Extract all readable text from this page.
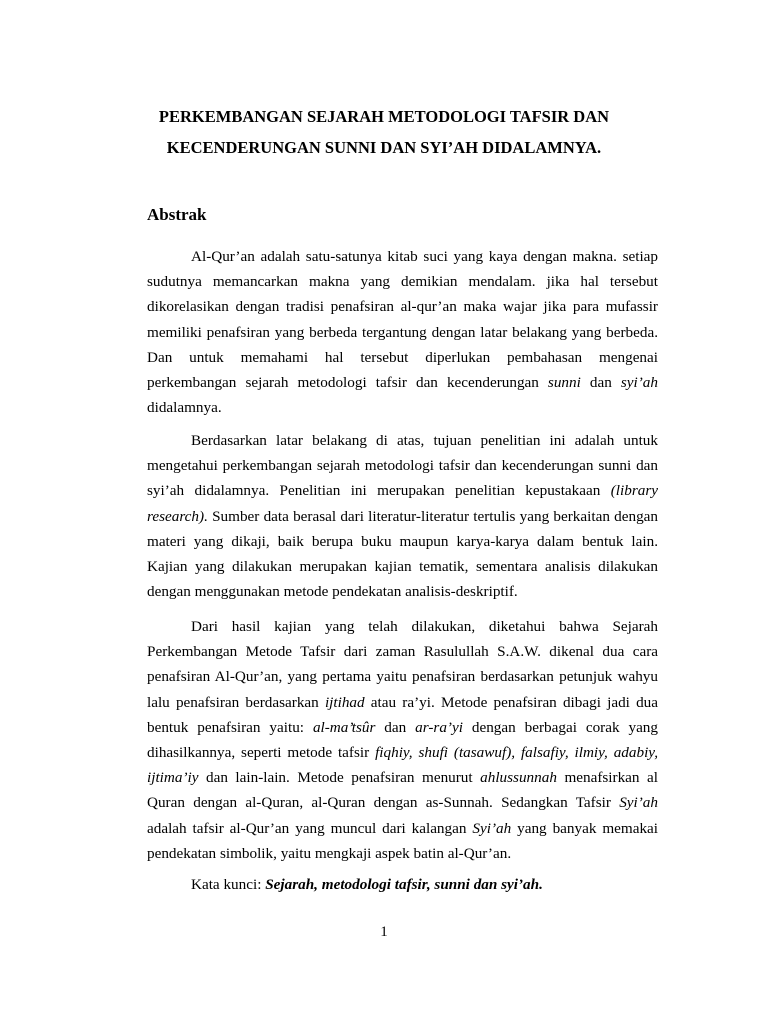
PERKEMBANGAN SEJARAH METODOLOGI TAFSIR DAN
KECENDERUNGAN SUNNI DAN SYI’AH DIDALAMNYA.
Abstrak

Al-Qur’an adalah satu-satunya kitab suci yang kaya dengan makna. setiap sudutnya memancarkan makna yang demikian mendalam. jika hal tersebut dikorelasikan dengan tradisi penafsiran al-qur’an maka wajar jika para mufassir memiliki penafsiran yang berbeda tergantung dengan latar belakang yang berbeda. Dan untuk memahami hal tersebut diperlukan pembahasan mengenai perkembangan sejarah metodologi tafsir dan kecenderungan sunni dan syi’ah didalamnya.

Berdasarkan latar belakang di atas, tujuan penelitian ini adalah untuk mengetahui perkembangan sejarah metodologi tafsir dan kecenderungan sunni dan syi’ah didalamnya. Penelitian ini merupakan penelitian kepustakaan (library research). Sumber data berasal dari literatur-literatur tertulis yang berkaitan dengan materi yang dikaji, baik berupa buku maupun karya-karya dalam bentuk lain. Kajian yang dilakukan merupakan kajian tematik, sementara analisis dilakukan dengan menggunakan metode pendekatan analisis-deskriptif.

Dari hasil kajian yang telah dilakukan, diketahui bahwa Sejarah Perkembangan Metode Tafsir dari zaman Rasulullah S.A.W. dikenal dua cara penafsiran Al-Qur’an, yang pertama yaitu penafsiran berdasarkan petunjuk wahyu lalu penafsiran berdasarkan ijtihad atau ra’yi. Metode penafsiran dibagi jadi dua bentuk penafsiran yaitu: al-ma’tsûr dan ar-ra’yi dengan berbagai corak yang dihasilkannya, seperti metode tafsir fiqhiy, shufi (tasawuf), falsafiy, ilmiy, adabiy, ijtima’iy dan lain-lain. Metode penafsiran menurut ahlussunnah menafsirkan al Quran dengan al-Quran, al-Quran dengan as-Sunnah. Sedangkan Tafsir Syi’ah adalah tafsir al-Qur’an yang muncul dari kalangan Syi’ah yang banyak memakai pendekatan simbolik, yaitu mengkaji aspek batin al-Qur’an.

Kata kunci: Sejarah, metodologi tafsir, sunni dan syi’ah.

1
